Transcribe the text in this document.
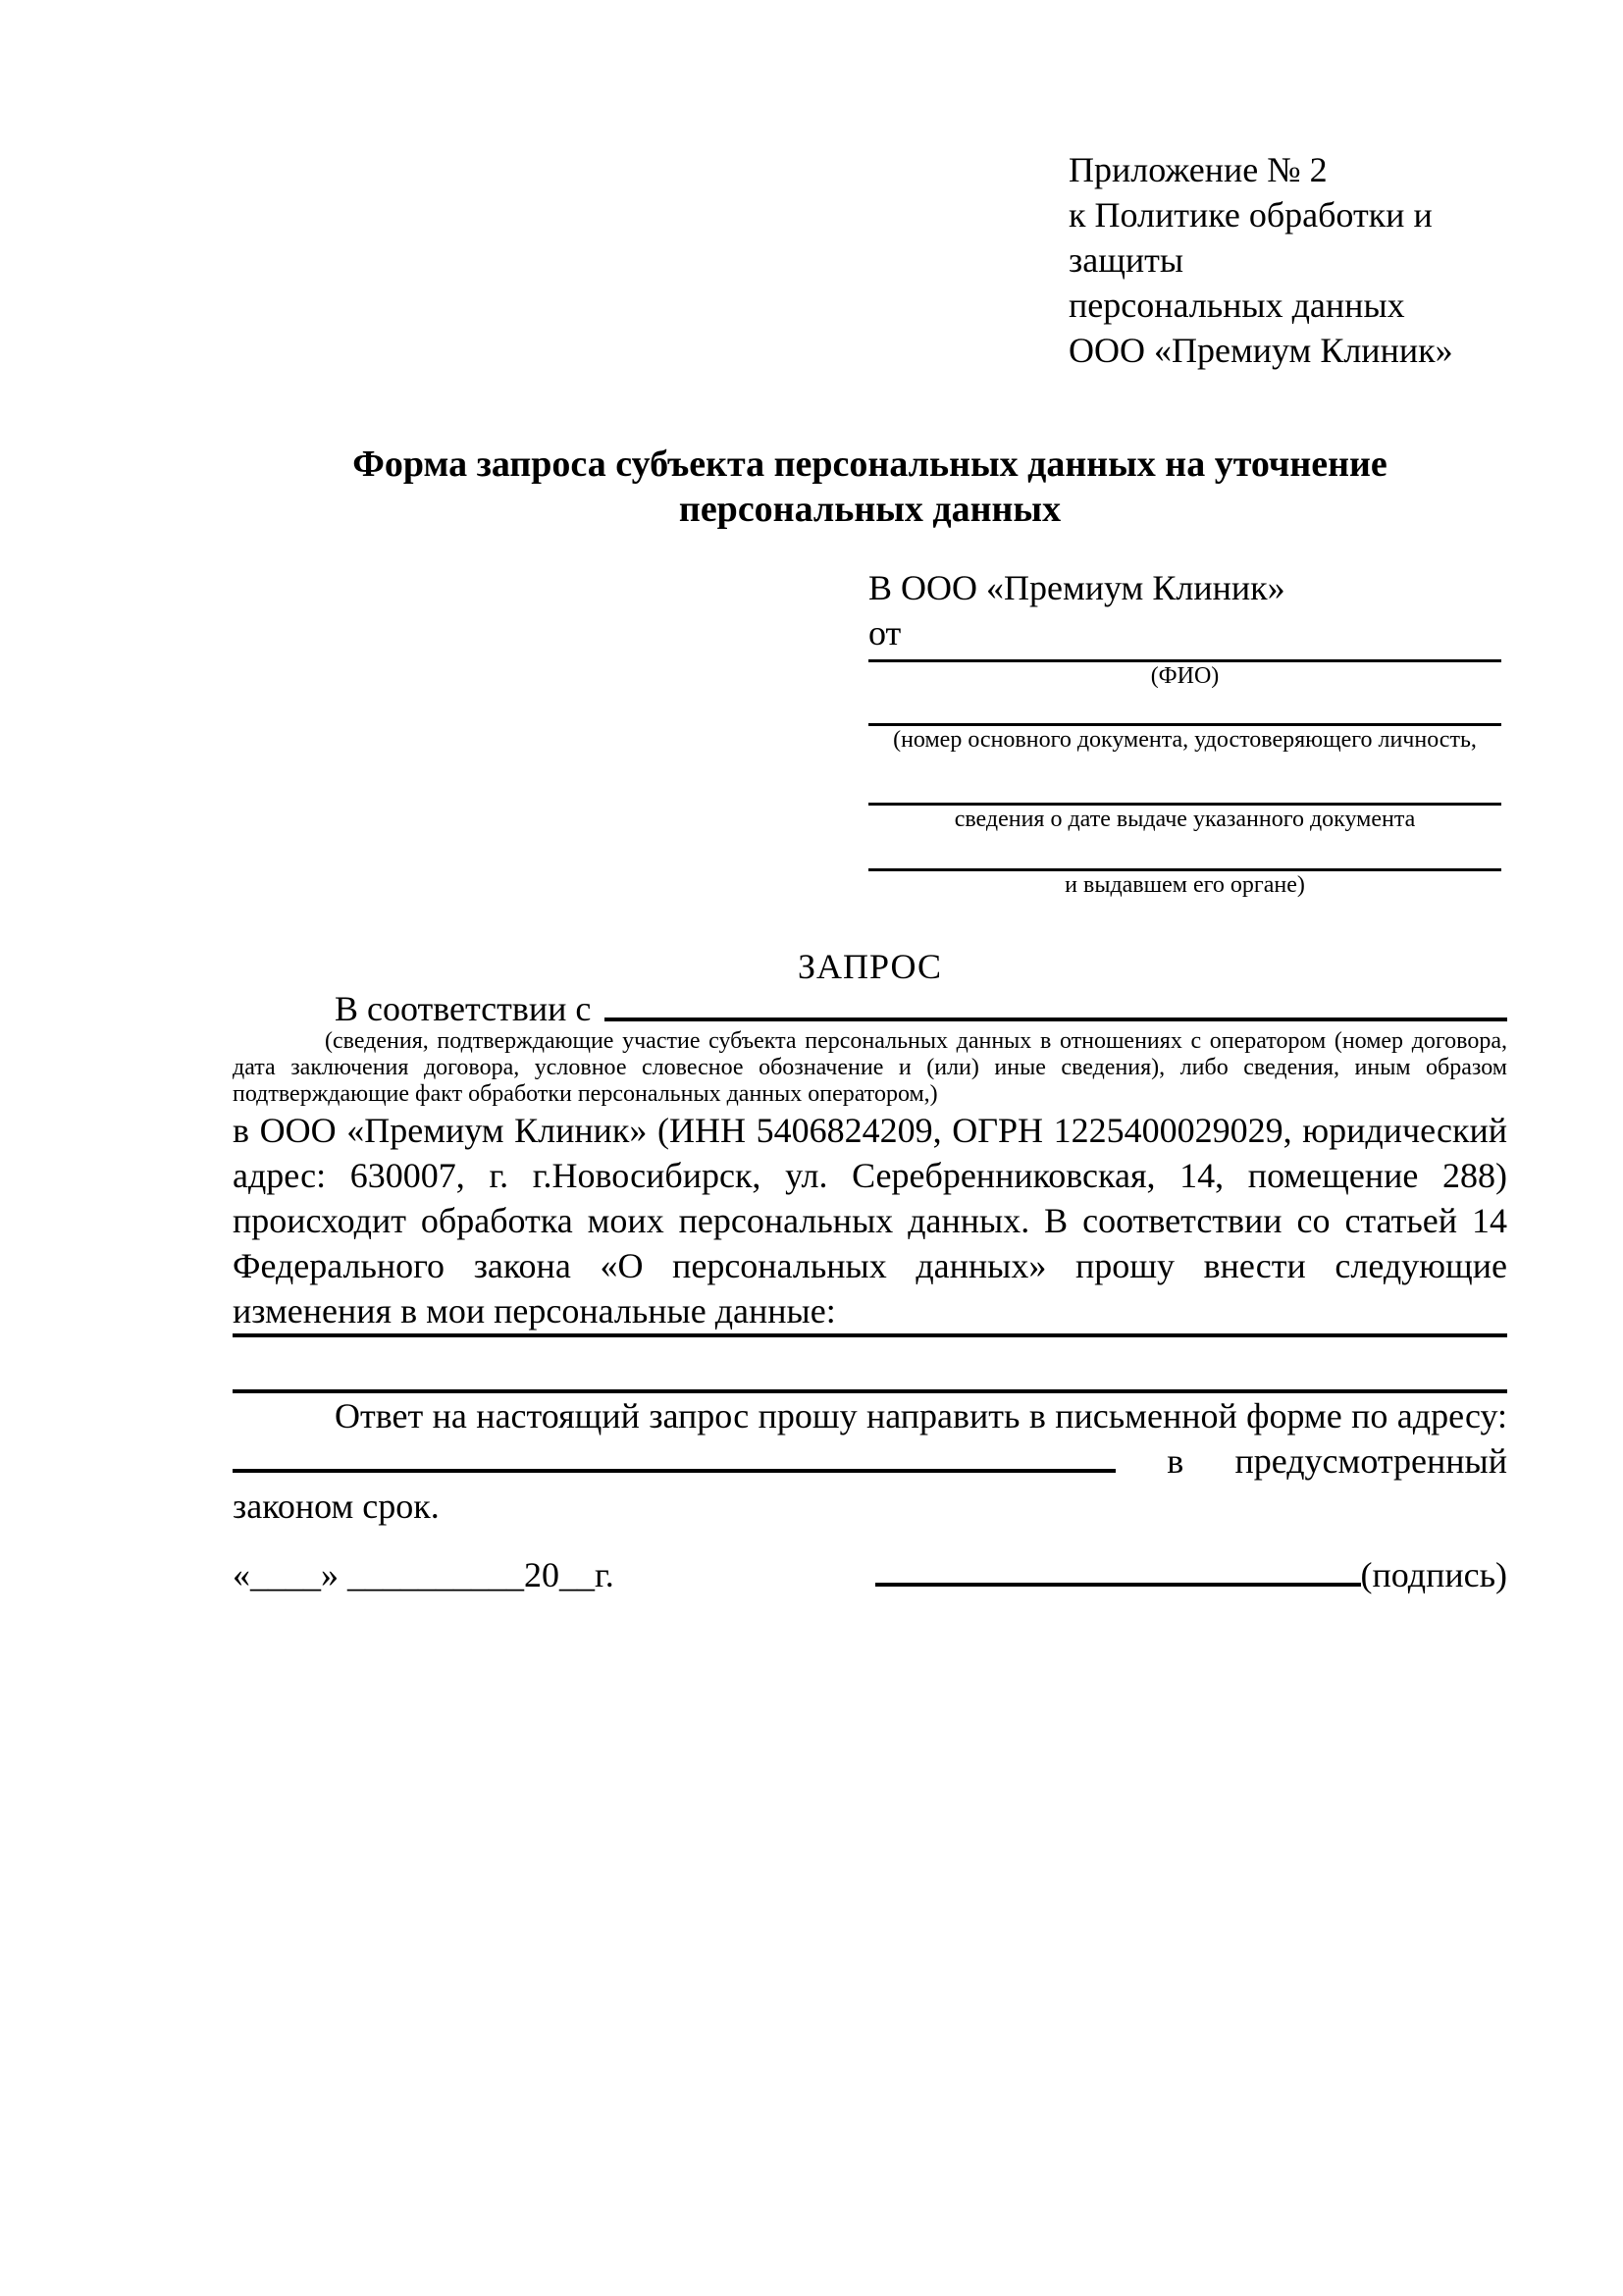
Приложение № 2
к Политике обработки и защиты
персональных данных
ООО «Премиум Клиник»
Форма запроса субъекта персональных данных на уточнение
персональных данных
В ООО «Премиум Клиник»
от
(ФИО)
(номер основного документа, удостоверяющего личность,
сведения о дате выдаче указанного документа
и выдавшем его органе)
ЗАПРОС
В соответствии с
(сведения, подтверждающие участие субъекта персональных данных в отношениях с оператором (номер договора, дата заключения договора, условное словесное обозначение и (или) иные сведения), либо сведения, иным образом подтверждающие факт обработки персональных данных оператором,)
в ООО «Премиум Клиник» (ИНН 5406824209, ОГРН 1225400029029, юридический адрес: 630007, г. г.Новосибирск, ул. Серебренниковская, 14, помещение 288) происходит обработка моих персональных данных. В соответствии со статьей 14 Федерального закона «О персональных данных» прошу внести следующие изменения в мои персональные данные:
Ответ на настоящий запрос прошу направить в письменной форме по адресу:
в предусмотренный
законом срок.
«____» __________20__г.	(подпись)
